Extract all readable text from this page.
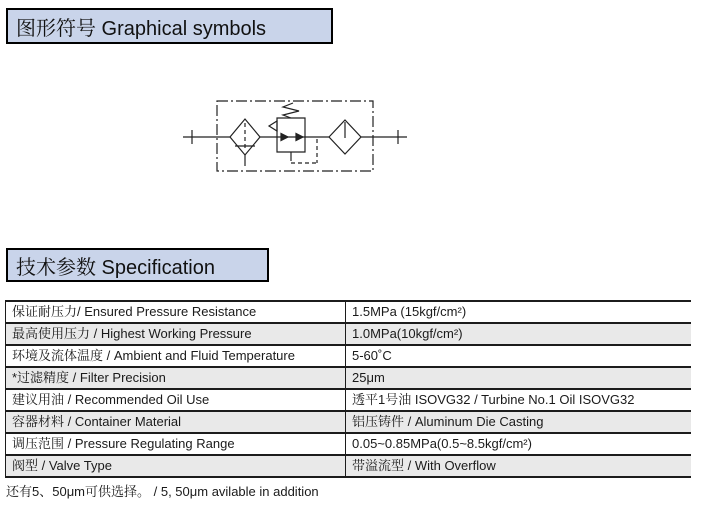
图形符号 Graphical symbols
技术参数 Specification
保证耐压力/ Ensured Pressure Resistance	1.5MPa (15kgf/cm²)
最高使用压力 / Highest Working Pressure	1.0MPa(10kgf/cm²)
环境及流体温度 / Ambient and Fluid Temperature	5-60˚C
*过滤精度 / Filter Precision	25μm
建议用油 / Recommended Oil Use	透平1号油 ISOVG32 / Turbine No.1 Oil ISOVG32
容器材料 / Container Material	铝压铸件 / Aluminum Die Casting
调压范围 / Pressure Regulating Range	0.05~0.85MPa(0.5~8.5kgf/cm²)
阀型 / Valve Type	带溢流型 / With Overflow
还有5、50μm可供选择。 / 5, 50μm avilable in addition
